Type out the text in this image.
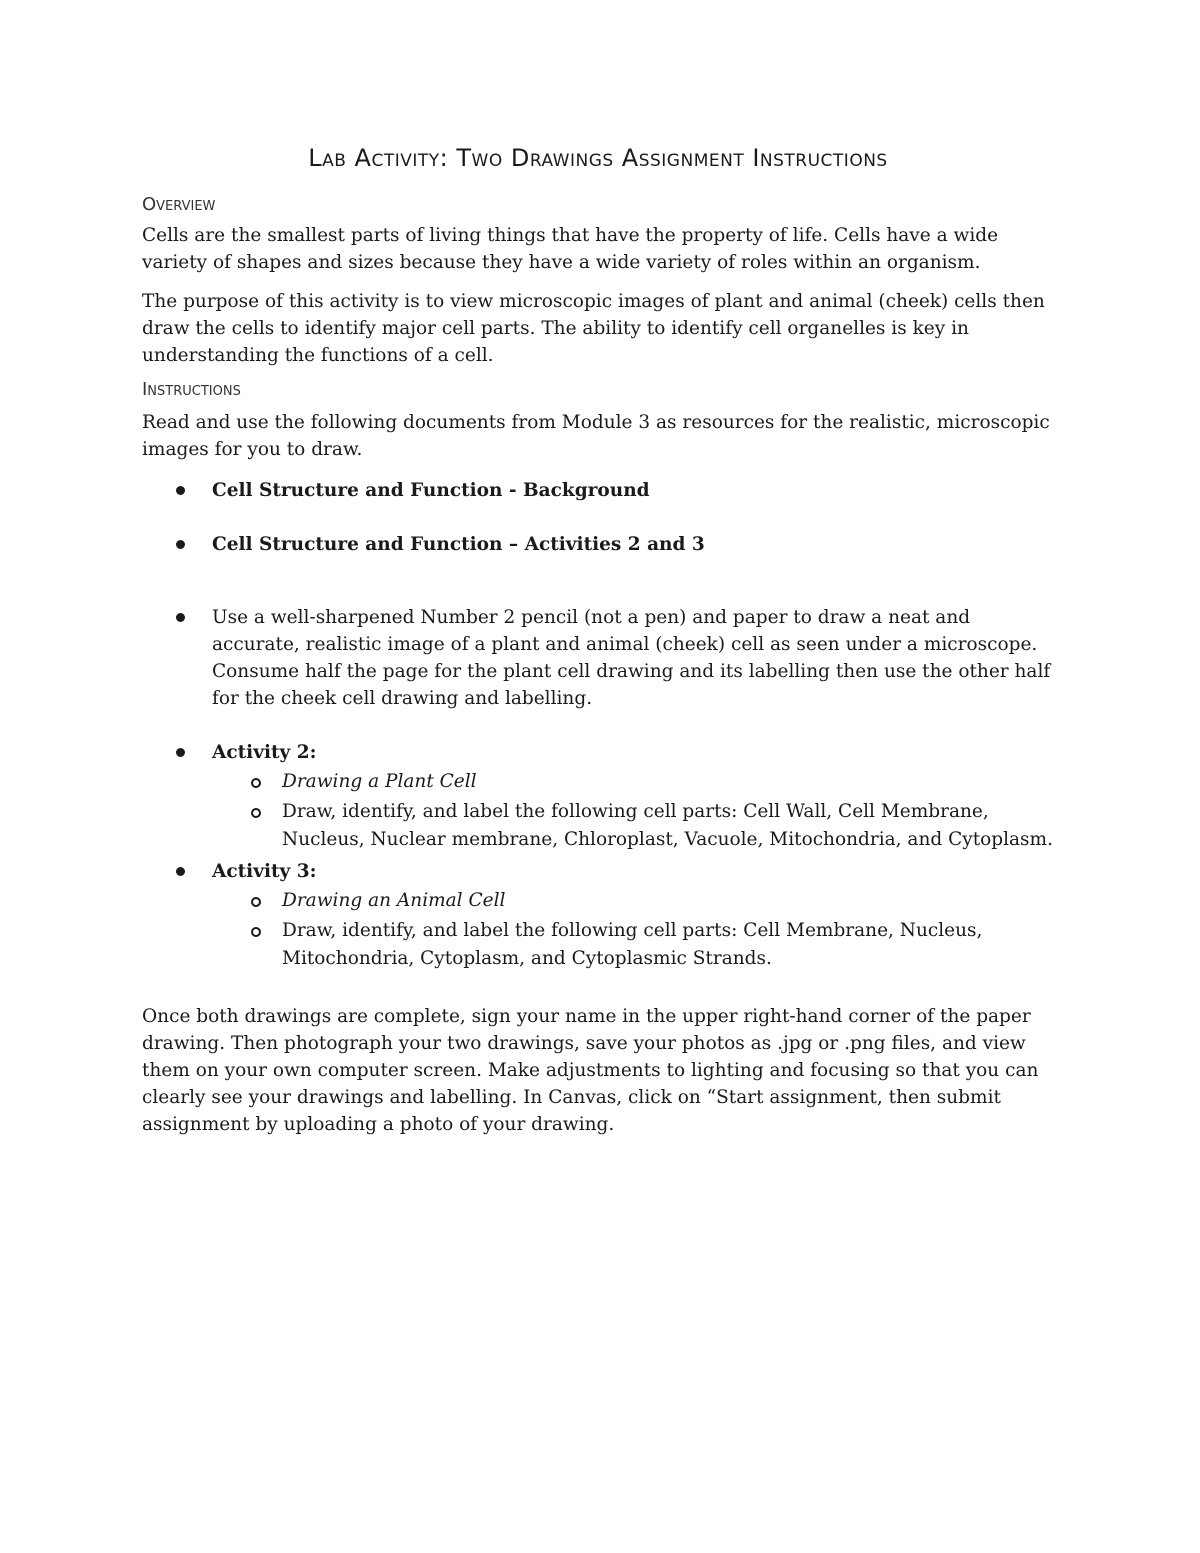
Lab Activity: Two Drawings Assignment Instructions
Overview

Cells are the smallest parts of living things that have the property of life. Cells have a wide variety of shapes and sizes because they have a wide variety of roles within an organism.

The purpose of this activity is to view microscopic images of plant and animal (cheek) cells then draw the cells to identify major cell parts. The ability to identify cell organelles is key in understanding the functions of a cell.

Instructions

Read and use the following documents from Module 3 as resources for the realistic, microscopic images for you to draw.

Cell Structure and Function - Background
Cell Structure and Function – Activities 2 and 3
Use a well-sharpened Number 2 pencil (not a pen) and paper to draw a neat and accurate, realistic image of a plant and animal (cheek) cell as seen under a microscope. Consume half the page for the plant cell drawing and its labelling then use the other half for the cheek cell drawing and labelling.
Activity 2:
Drawing a Plant Cell
Draw, identify, and label the following cell parts: Cell Wall, Cell Membrane, Nucleus, Nuclear membrane, Chloroplast, Vacuole, Mitochondria, and Cytoplasm.
Activity 3:
Drawing an Animal Cell
Draw, identify, and label the following cell parts: Cell Membrane, Nucleus, Mitochondria, Cytoplasm, and Cytoplasmic Strands.

Once both drawings are complete, sign your name in the upper right-hand corner of the paper drawing. Then photograph your two drawings, save your photos as .jpg or .png files, and view them on your own computer screen. Make adjustments to lighting and focusing so that you can clearly see your drawings and labelling. In Canvas, click on “Start assignment, then submit assignment by uploading a photo of your drawing.
